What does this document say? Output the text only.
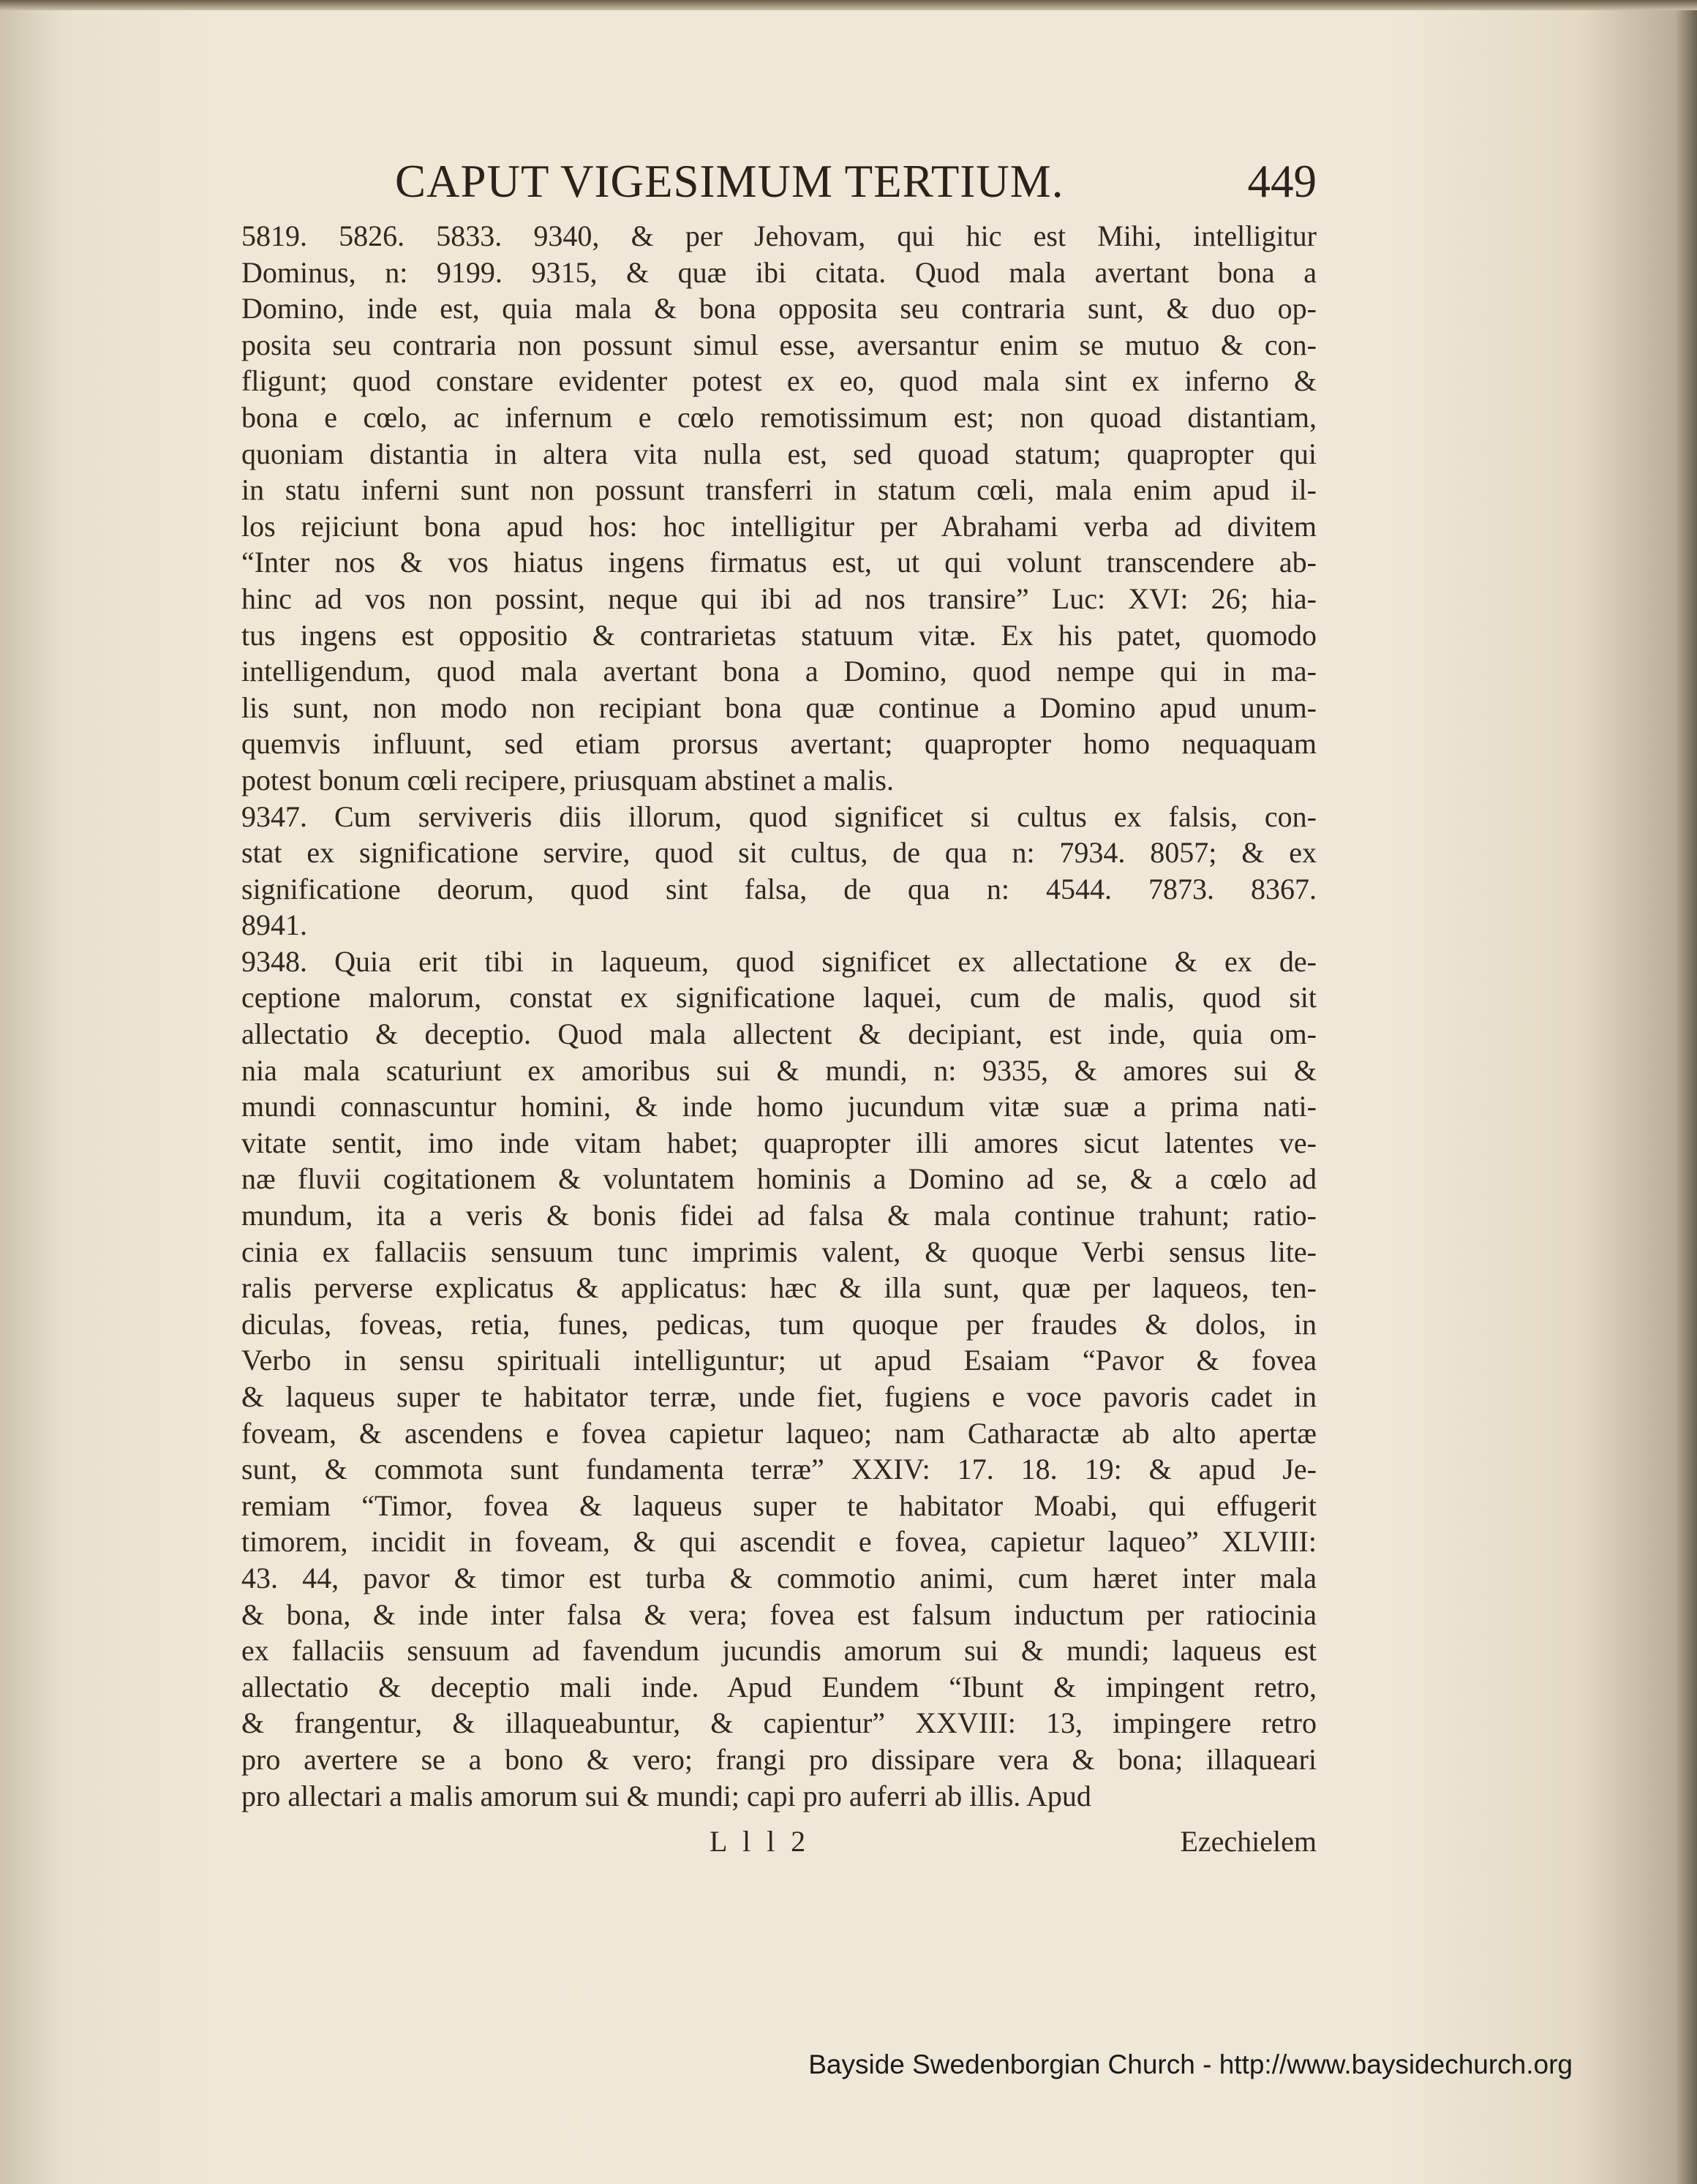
CAPUT VIGESIMUM TERTIUM.	449
5819. 5826. 5833. 9340, & per Jehovam, qui hic est Mihi, intelligitur
Dominus, n: 9199. 9315, & quæ ibi citata. Quod mala avertant bona a
Domino, inde est, quia mala & bona opposita seu contraria sunt, & duo op-
posita seu contraria non possunt simul esse, aversantur enim se mutuo & con-
fligunt; quod constare evidenter potest ex eo, quod mala sint ex inferno &
bona e cœlo, ac infernum e cœlo remotissimum est; non quoad distantiam,
quoniam distantia in altera vita nulla est, sed quoad statum; quapropter qui
in statu inferni sunt non possunt transferri in statum cœli, mala enim apud il-
los rejiciunt bona apud hos: hoc intelligitur per Abrahami verba ad divitem
“Inter nos & vos hiatus ingens firmatus est, ut qui volunt transcendere ab-
hinc ad vos non possint, neque qui ibi ad nos transire” Luc: XVI: 26; hia-
tus ingens est oppositio & contrarietas statuum vitæ. Ex his patet, quomodo
intelligendum, quod mala avertant bona a Domino, quod nempe qui in ma-
lis sunt, non modo non recipiant bona quæ continue a Domino apud unum-
quemvis influunt, sed etiam prorsus avertant; quapropter homo nequaquam
potest bonum cœli recipere, priusquam abstinet a malis.
9347. Cum serviveris diis illorum, quod significet si cultus ex falsis, con-
stat ex significatione servire, quod sit cultus, de qua n: 7934. 8057; & ex
significatione deorum, quod sint falsa, de qua n: 4544. 7873. 8367.
8941.
9348. Quia erit tibi in laqueum, quod significet ex allectatione & ex de-
ceptione malorum, constat ex significatione laquei, cum de malis, quod sit
allectatio & deceptio. Quod mala allectent & decipiant, est inde, quia om-
nia mala scaturiunt ex amoribus sui & mundi, n: 9335, & amores sui &
mundi connascuntur homini, & inde homo jucundum vitæ suæ a prima nati-
vitate sentit, imo inde vitam habet; quapropter illi amores sicut latentes ve-
næ fluvii cogitationem & voluntatem hominis a Domino ad se, & a cœlo ad
mundum, ita a veris & bonis fidei ad falsa & mala continue trahunt; ratio-
cinia ex fallaciis sensuum tunc imprimis valent, & quoque Verbi sensus lite-
ralis perverse explicatus & applicatus: hæc & illa sunt, quæ per laqueos, ten-
diculas, foveas, retia, funes, pedicas, tum quoque per fraudes & dolos, in
Verbo in sensu spirituali intelliguntur; ut apud Esaiam “Pavor & fovea
& laqueus super te habitator terræ, unde fiet, fugiens e voce pavoris cadet in
foveam, & ascendens e fovea capietur laqueo; nam Catharactæ ab alto apertæ
sunt, & commota sunt fundamenta terræ” XXIV: 17. 18. 19: & apud Je-
remiam “Timor, fovea & laqueus super te habitator Moabi, qui effugerit
timorem, incidit in foveam, & qui ascendit e fovea, capietur laqueo” XLVIII:
43. 44, pavor & timor est turba & commotio animi, cum hæret inter mala
& bona, & inde inter falsa & vera; fovea est falsum inductum per ratiocinia
ex fallaciis sensuum ad favendum jucundis amorum sui & mundi; laqueus est
allectatio & deceptio mali inde. Apud Eundem “Ibunt & impingent retro,
& frangentur, & illaqueabuntur, & capientur” XXVIII: 13, impingere retro
pro avertere se a bono & vero; frangi pro dissipare vera & bona; illaqueari
pro allectari a malis amorum sui & mundi; capi pro auferri ab illis. Apud
L l l 2	Ezechielem
Bayside Swedenborgian Church - http://www.baysidechurch.org
